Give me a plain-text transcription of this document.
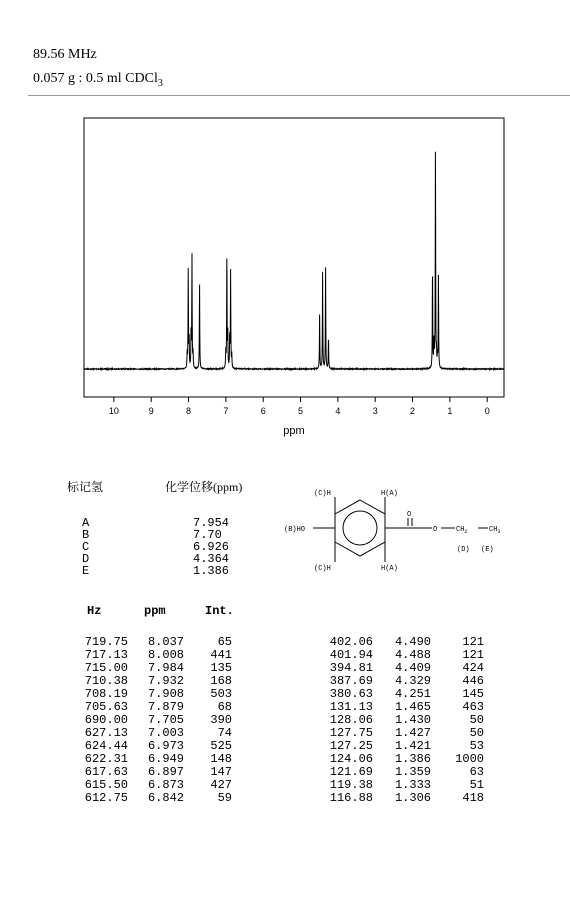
89.56 MHz
0.057 g : 0.5 ml CDCl$_3$
10	9	8	7	6	5	4	3	2	1	0
ppm
标记氢	化学位移(ppm)
A	7.954
B	7.70
C	6.926
D	4.364
E	1.386
(C)H	H(A)
(C)H	H(A)
(B)HO
O
O	$CH_2$	$CH_3$
(D) (E)
Hz	ppm	Int.
719.75	8.037	65
717.13	8.008	441
715.00	7.984	135
710.38	7.932	168
708.19	7.908	503
705.63	7.879	68
690.00	7.705	390
627.13	7.003	74
624.44	6.973	525
622.31	6.949	148
617.63	6.897	147
615.50	6.873	427
612.75	6.842	59
402.06	4.490	121
401.94	4.488	121
394.81	4.409	424
387.69	4.329	446
380.63	4.251	145
131.13	1.465	463
128.06	1.430	50
127.75	1.427	50
127.25	1.421	53
124.06	1.386	1000
121.69	1.359	63
119.38	1.333	51
116.88	1.306	418
